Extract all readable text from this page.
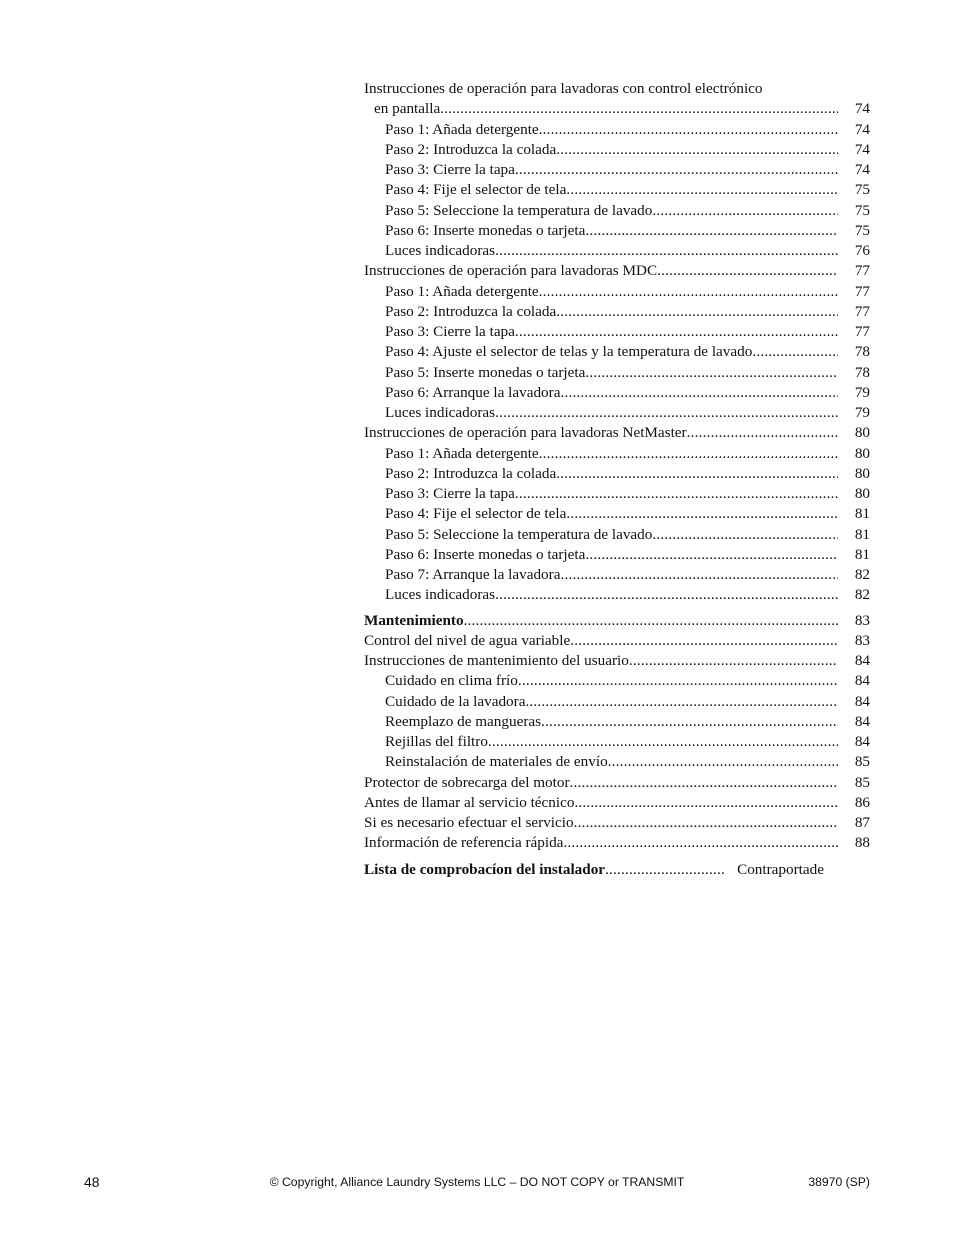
Instrucciones de operación para lavadoras con control electrónico
en pantalla .....	74
Paso 1: Añada detergente .....	74
Paso 2: Introduzca la colada .....	74
Paso 3: Cierre la tapa .....	74
Paso 4: Fije el selector de tela .....	75
Paso 5: Seleccione la temperatura de lavado .....	75
Paso 6: Inserte monedas o tarjeta .....	75
Luces indicadoras .....	76
Instrucciones de operación para lavadoras MDC .....	77
Paso 1: Añada detergente .....	77
Paso 2: Introduzca la colada .....	77
Paso 3: Cierre la tapa .....	77
Paso 4: Ajuste el selector de telas y la temperatura de lavado .....	78
Paso 5: Inserte monedas o tarjeta .....	78
Paso 6: Arranque la lavadora .....	79
Luces indicadoras .....	79
Instrucciones de operación para lavadoras NetMaster .....	80
Paso 1: Añada detergente .....	80
Paso 2: Introduzca la colada .....	80
Paso 3: Cierre la tapa .....	80
Paso 4: Fije el selector de tela .....	81
Paso 5: Seleccione la temperatura de lavado .....	81
Paso 6: Inserte monedas o tarjeta .....	81
Paso 7: Arranque la lavadora .....	82
Luces indicadoras .....	82
Mantenimiento .....	83
Control del nivel de agua variable .....	83
Instrucciones de mantenimiento del usuario .....	84
Cuidado en clima frío .....	84
Cuidado de la lavadora .....	84
Reemplazo de mangueras .....	84
Rejillas del filtro .....	84
Reinstalación de materiales de envío .....	85
Protector de sobrecarga del motor .....	85
Antes de llamar al servicio técnico .....	86
Si es necesario efectuar el servicio .....	87
Información de referencia rápida .....	88
Lista de comprobacíon del instalador .....	Contraportade
48	© Copyright, Alliance Laundry Systems LLC – DO NOT COPY or TRANSMIT	38970 (SP)
